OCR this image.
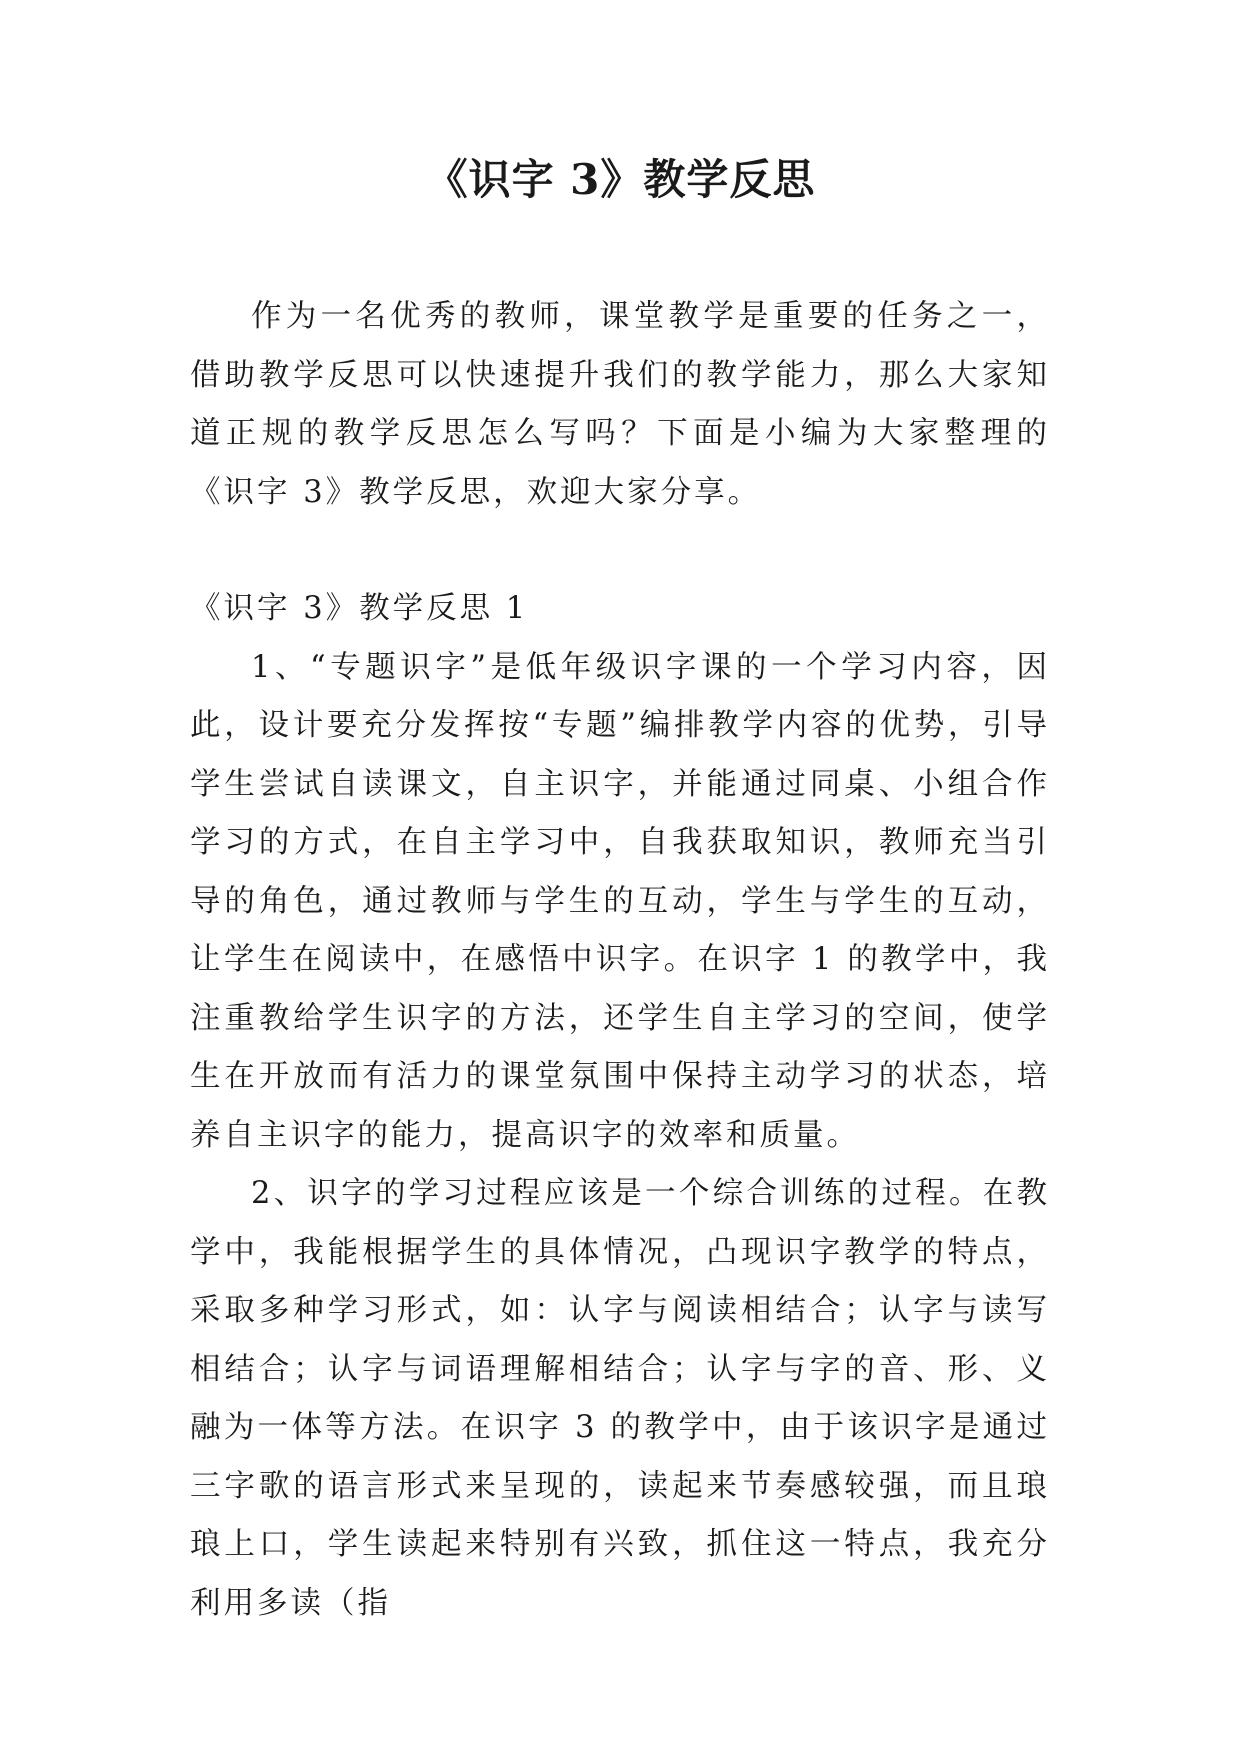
《识字 3》教学反思

作为一名优秀的教师，课堂教学是重要的任务之一，借助教学反思可以快速提升我们的教学能力，那么大家知道正规的教学反思怎么写吗？下面是小编为大家整理的《识字 3》教学反思，欢迎大家分享。

《识字 3》教学反思 1

1、“专题识字”是低年级识字课的一个学习内容，因此，设计要充分发挥按“专题”编排教学内容的优势，引导学生尝试自读课文，自主识字，并能通过同桌、小组合作学习的方式，在自主学习中，自我获取知识，教师充当引导的角色，通过教师与学生的互动，学生与学生的互动，让学生在阅读中，在感悟中识字。在识字 1 的教学中，我注重教给学生识字的方法，还学生自主学习的空间，使学生在开放而有活力的课堂氛围中保持主动学习的状态，培养自主识字的能力，提高识字的效率和质量。

2、识字的学习过程应该是一个综合训练的过程。在教学中，我能根据学生的具体情况，凸现识字教学的特点，采取多种学习形式，如：认字与阅读相结合；认字与读写相结合；认字与词语理解相结合；认字与字的音、形、义融为一体等方法。在识字 3 的教学中，由于该识字是通过三字歌的语言形式来呈现的，读起来节奏感较强，而且琅琅上口，学生读起来特别有兴致，抓住这一特点，我充分利用多读（指
